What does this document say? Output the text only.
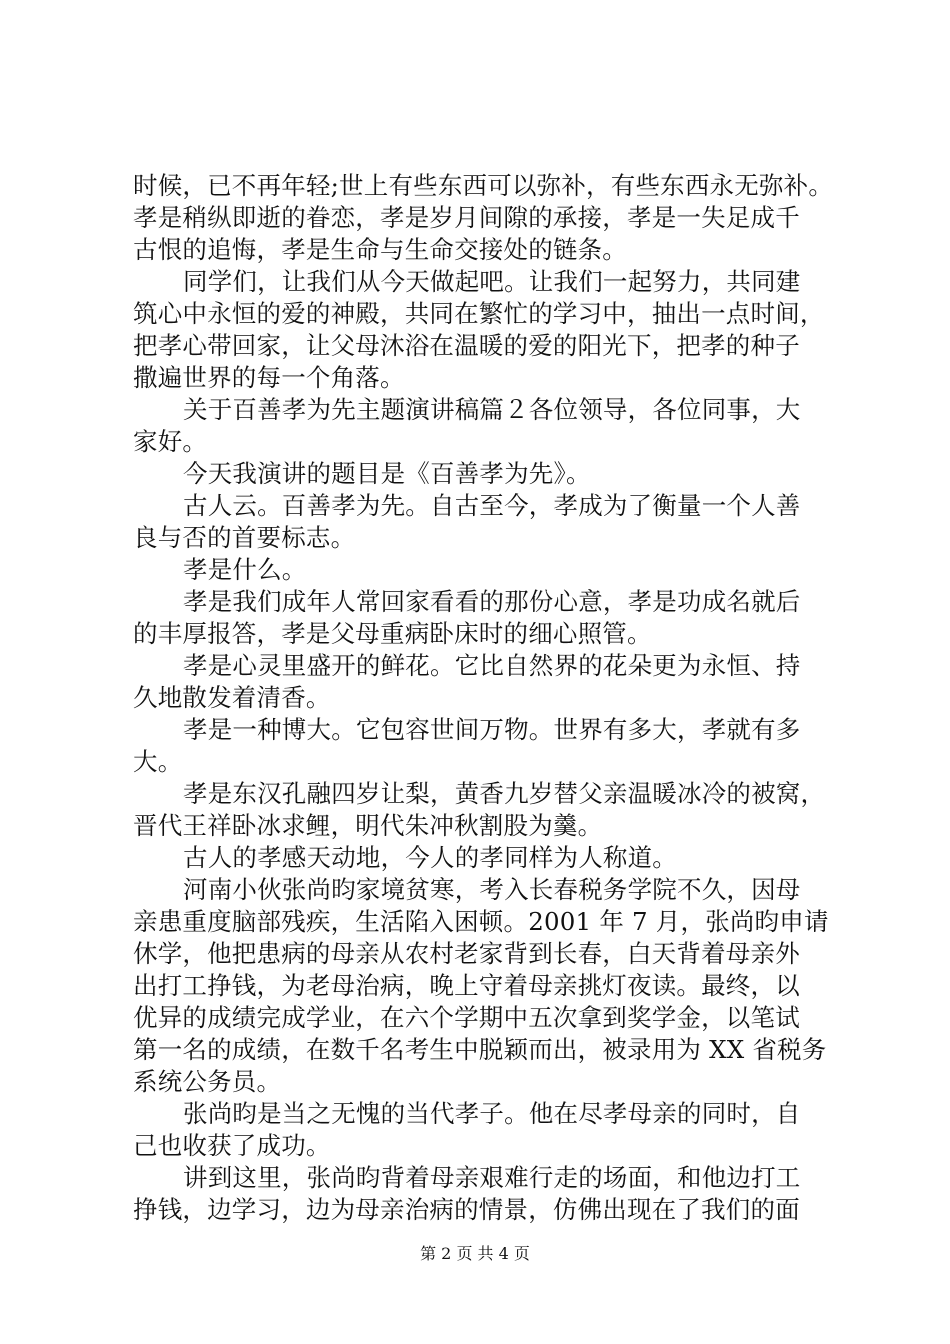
时候，已不再年轻;世上有些东西可以弥补，有些东西永无弥补。
孝是稍纵即逝的眷恋，孝是岁月间隙的承接，孝是一失足成千
古恨的追悔，孝是生命与生命交接处的链条。
同学们，让我们从今天做起吧。让我们一起努力，共同建
筑心中永恒的爱的神殿，共同在繁忙的学习中，抽出一点时间，
把孝心带回家，让父母沐浴在温暖的爱的阳光下，把孝的种子
撒遍世界的每一个角落。
关于百善孝为先主题演讲稿篇２各位领导，各位同事，大
家好。
今天我演讲的题目是《百善孝为先》。
古人云。百善孝为先。自古至今，孝成为了衡量一个人善
良与否的首要标志。
孝是什么。
孝是我们成年人常回家看看的那份心意，孝是功成名就后
的丰厚报答，孝是父母重病卧床时的细心照管。
孝是心灵里盛开的鲜花。它比自然界的花朵更为永恒、持
久地散发着清香。
孝是一种博大。它包容世间万物。世界有多大，孝就有多
大。
孝是东汉孔融四岁让梨，黄香九岁替父亲温暖冰冷的被窝，
晋代王祥卧冰求鲤，明代朱冲秋割股为羹。
古人的孝感天动地，今人的孝同样为人称道。
河南小伙张尚昀家境贫寒，考入长春税务学院不久，因母
亲患重度脑部残疾，生活陷入困顿。2001 年 7 月，张尚昀申请
休学，他把患病的母亲从农村老家背到长春，白天背着母亲外
出打工挣钱，为老母治病，晚上守着母亲挑灯夜读。最终，以
优异的成绩完成学业，在六个学期中五次拿到奖学金，以笔试
第一名的成绩，在数千名考生中脱颖而出，被录用为 XX 省税务
系统公务员。
张尚昀是当之无愧的当代孝子。他在尽孝母亲的同时，自
己也收获了成功。
讲到这里，张尚昀背着母亲艰难行走的场面，和他边打工
挣钱，边学习，边为母亲治病的情景，仿佛出现在了我们的面
第 2 页 共 4 页
